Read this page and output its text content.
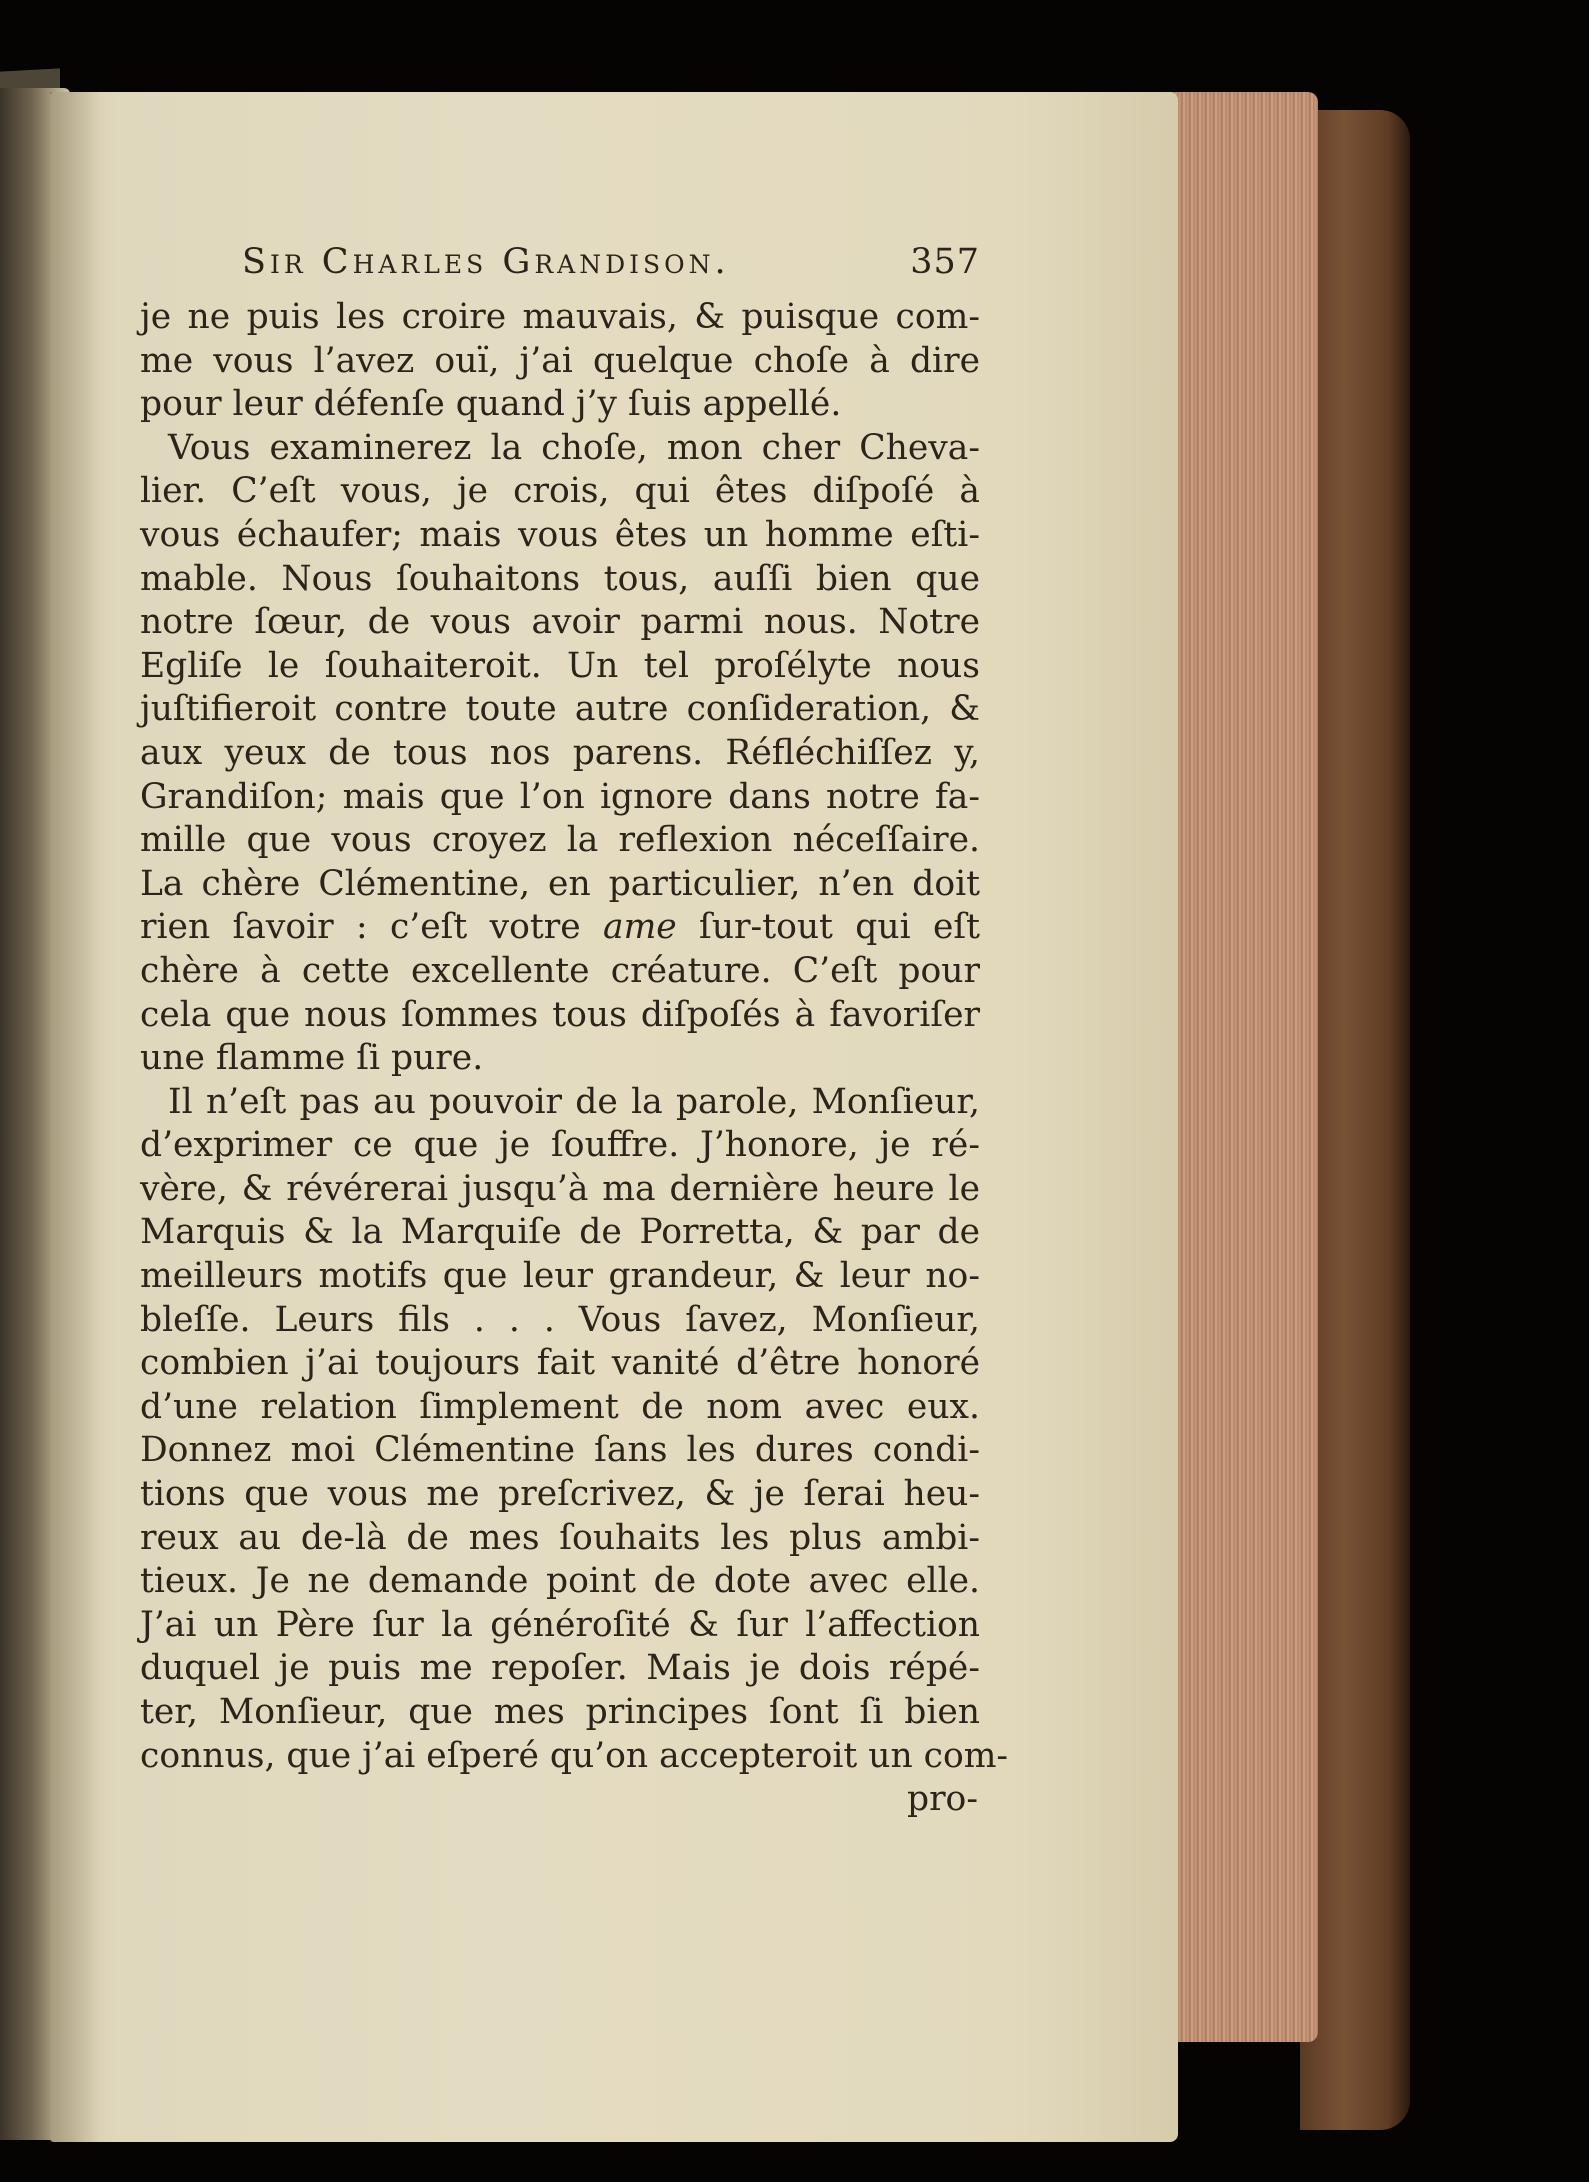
Sir Charles Grandison.	357
je ne puis les croire mauvais, & puisque com-
me vous l’avez ouï, j’ai quelque choſe à dire
pour leur défenſe quand j’y ſuis appellé.
Vous examinerez la choſe, mon cher Cheva-
lier. C’eſt vous, je crois, qui êtes diſpoſé à
vous échaufer; mais vous êtes un homme eſti-
mable. Nous ſouhaitons tous, auſſi bien que
notre ſœur, de vous avoir parmi nous. Notre
Egliſe le ſouhaiteroit. Un tel proſélyte nous
juſtifieroit contre toute autre conſideration, &
aux yeux de tous nos parens. Réfléchiſſez y,
Grandiſon; mais que l’on ignore dans notre fa-
mille que vous croyez la reflexion néceſſaire.
La chère Clémentine, en particulier, n’en doit
rien ſavoir : c’eſt votre ame ſur-tout qui eſt
chère à cette excellente créature. C’eſt pour
cela que nous ſommes tous diſpoſés à favoriſer
une flamme ſi pure.
Il n’eſt pas au pouvoir de la parole, Monſieur,
d’exprimer ce que je ſouffre. J’honore, je ré-
vère, & révérerai jusqu’à ma dernière heure le
Marquis & la Marquiſe de Porretta, & par de
meilleurs motifs que leur grandeur, & leur no-
bleſſe. Leurs fils . . . Vous ſavez, Monſieur,
combien j’ai toujours fait vanité d’être honoré
d’une relation ſimplement de nom avec eux.
Donnez moi Clémentine ſans les dures condi-
tions que vous me preſcrivez, & je ſerai heu-
reux au de-là de mes ſouhaits les plus ambi-
tieux. Je ne demande point de dote avec elle.
J’ai un Père ſur la généroſité & ſur l’affection
duquel je puis me repoſer. Mais je dois répé-
ter, Monſieur, que mes principes ſont ſi bien
connus, que j’ai eſperé qu’on accepteroit un com-
pro-
